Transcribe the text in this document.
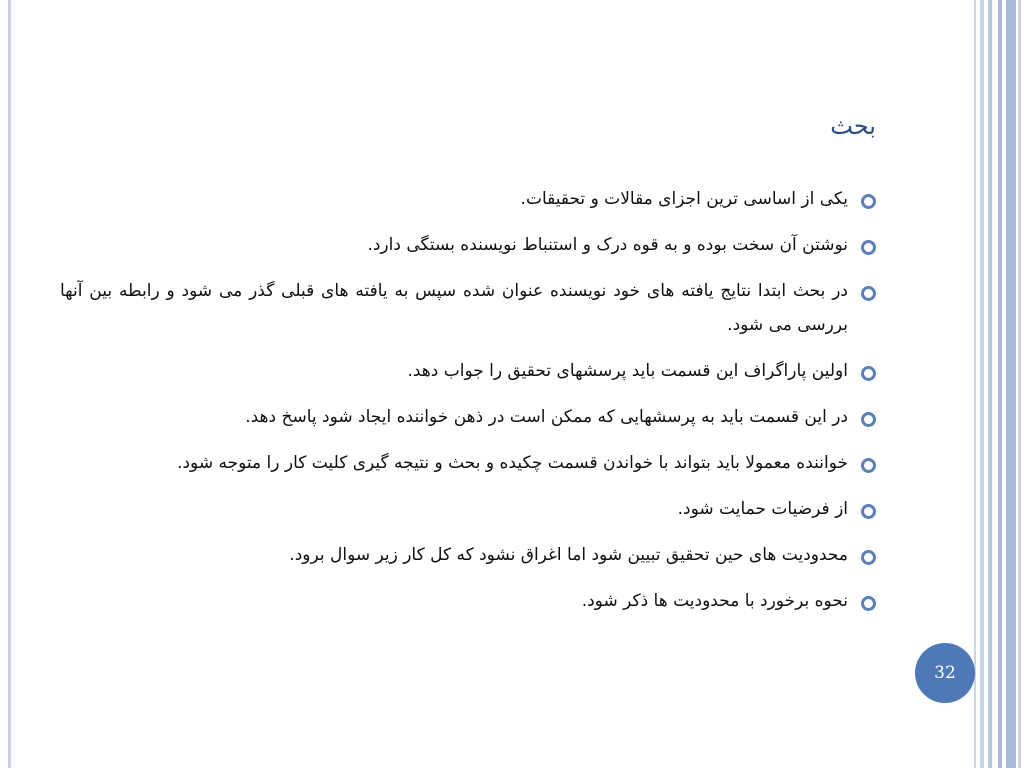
بحث
یکی از اساسی ترین اجزای مقالات و تحقیقات.
نوشتن آن سخت بوده و به قوه درک و استنباط نویسنده بستگی دارد.
در بحث ابتدا نتایج یافته های خود نویسنده عنوان شده سپس به یافته های قبلی گذر می شود و رابطه بین آنها بررسی می شود.
اولین پاراگراف این قسمت باید پرسشهای تحقیق را جواب دهد.
در این قسمت باید به پرسشهایی که ممکن است در ذهن خواننده ایجاد شود پاسخ دهد.
خواننده معمولا باید بتواند با خواندن قسمت چکیده و بحث و نتیجه گیری کلیت کار را متوجه شود.
از فرضیات حمایت شود.
محدودیت های حین تحقیق تبیین شود اما اغراق نشود که کل کار زیر سوال برود.
نحوه برخورد با محدودیت ها ذکر شود.
32
